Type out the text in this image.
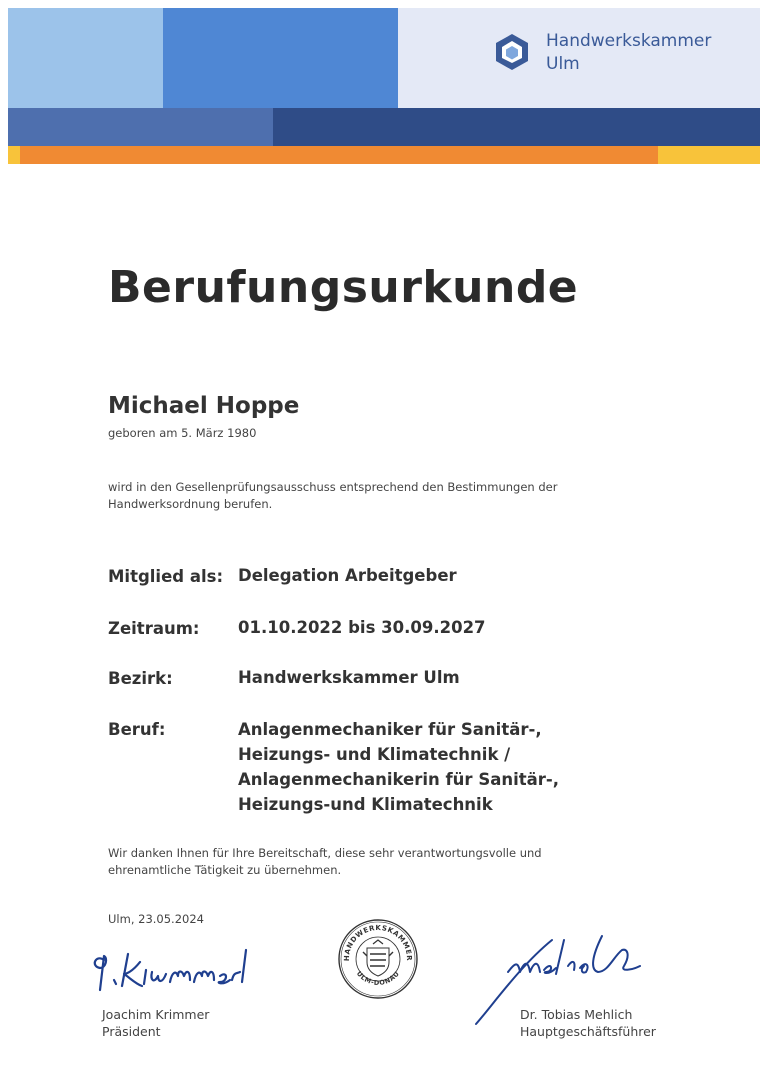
Handwerkskammer
Ulm
Berufungsurkunde
Michael Hoppe
geboren am 5. März 1980
wird in den Gesellenprüfungsausschuss entsprechend den Bestimmungen der Handwerksordnung berufen.
Mitglied als: Delegation Arbeitgeber
Zeitraum: 01.10.2022 bis 30.09.2027
Bezirk:	Handwerkskammer Ulm
Beruf:	Anlagenmechaniker für Sanitär-, Heizungs- und Klimatechnik / Anlagenmechanikerin für Sanitär-, Heizungs-und Klimatechnik
Wir danken Ihnen für Ihre Bereitschaft, diese sehr verantwortungsvolle und ehrenamtliche Tätigkeit zu übernehmen.
Ulm, 23.05.2024
HANDWERKSKAMMER
ULM-DONAU
Joachim Krimmer
Präsident
Dr. Tobias Mehlich
Hauptgeschäftsführer
